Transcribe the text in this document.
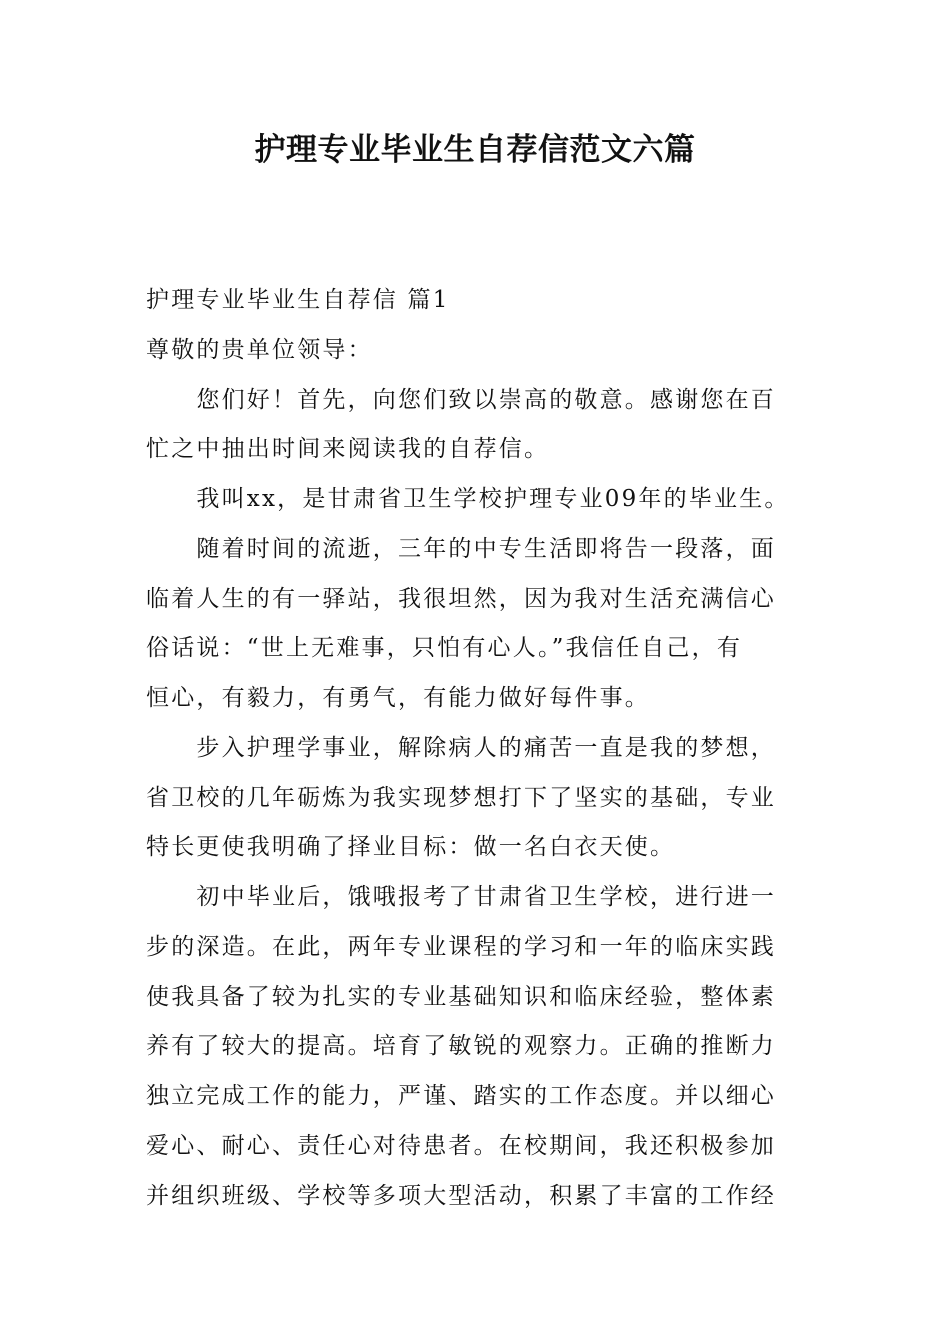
护理专业毕业生自荐信范文六篇
护理专业毕业生自荐信 篇1
尊敬的贵单位领导：
　　您们好！首先，向您们致以崇高的敬意。感谢您在百
忙之中抽出时间来阅读我的自荐信。
　　我叫xx，是甘肃省卫生学校护理专业09年的毕业生。
　　随着时间的流逝，三年的中专生活即将告一段落，面
临着人生的有一驿站，我很坦然，因为我对生活充满信心
俗话说：“世上无难事，只怕有心人。”我信任自己，有
恒心，有毅力，有勇气，有能力做好每件事。
　　步入护理学事业，解除病人的痛苦一直是我的梦想，
省卫校的几年砺炼为我实现梦想打下了坚实的基础，专业
特长更使我明确了择业目标：做一名白衣天使。
　　初中毕业后，饿哦报考了甘肃省卫生学校，进行进一
步的深造。在此，两年专业课程的学习和一年的临床实践
使我具备了较为扎实的专业基础知识和临床经验，整体素
养有了较大的提高。培育了敏锐的观察力。正确的推断力
独立完成工作的能力，严谨、踏实的工作态度。并以细心
爱心、耐心、责任心对待患者。在校期间，我还积极参加
并组织班级、学校等多项大型活动，积累了丰富的工作经
